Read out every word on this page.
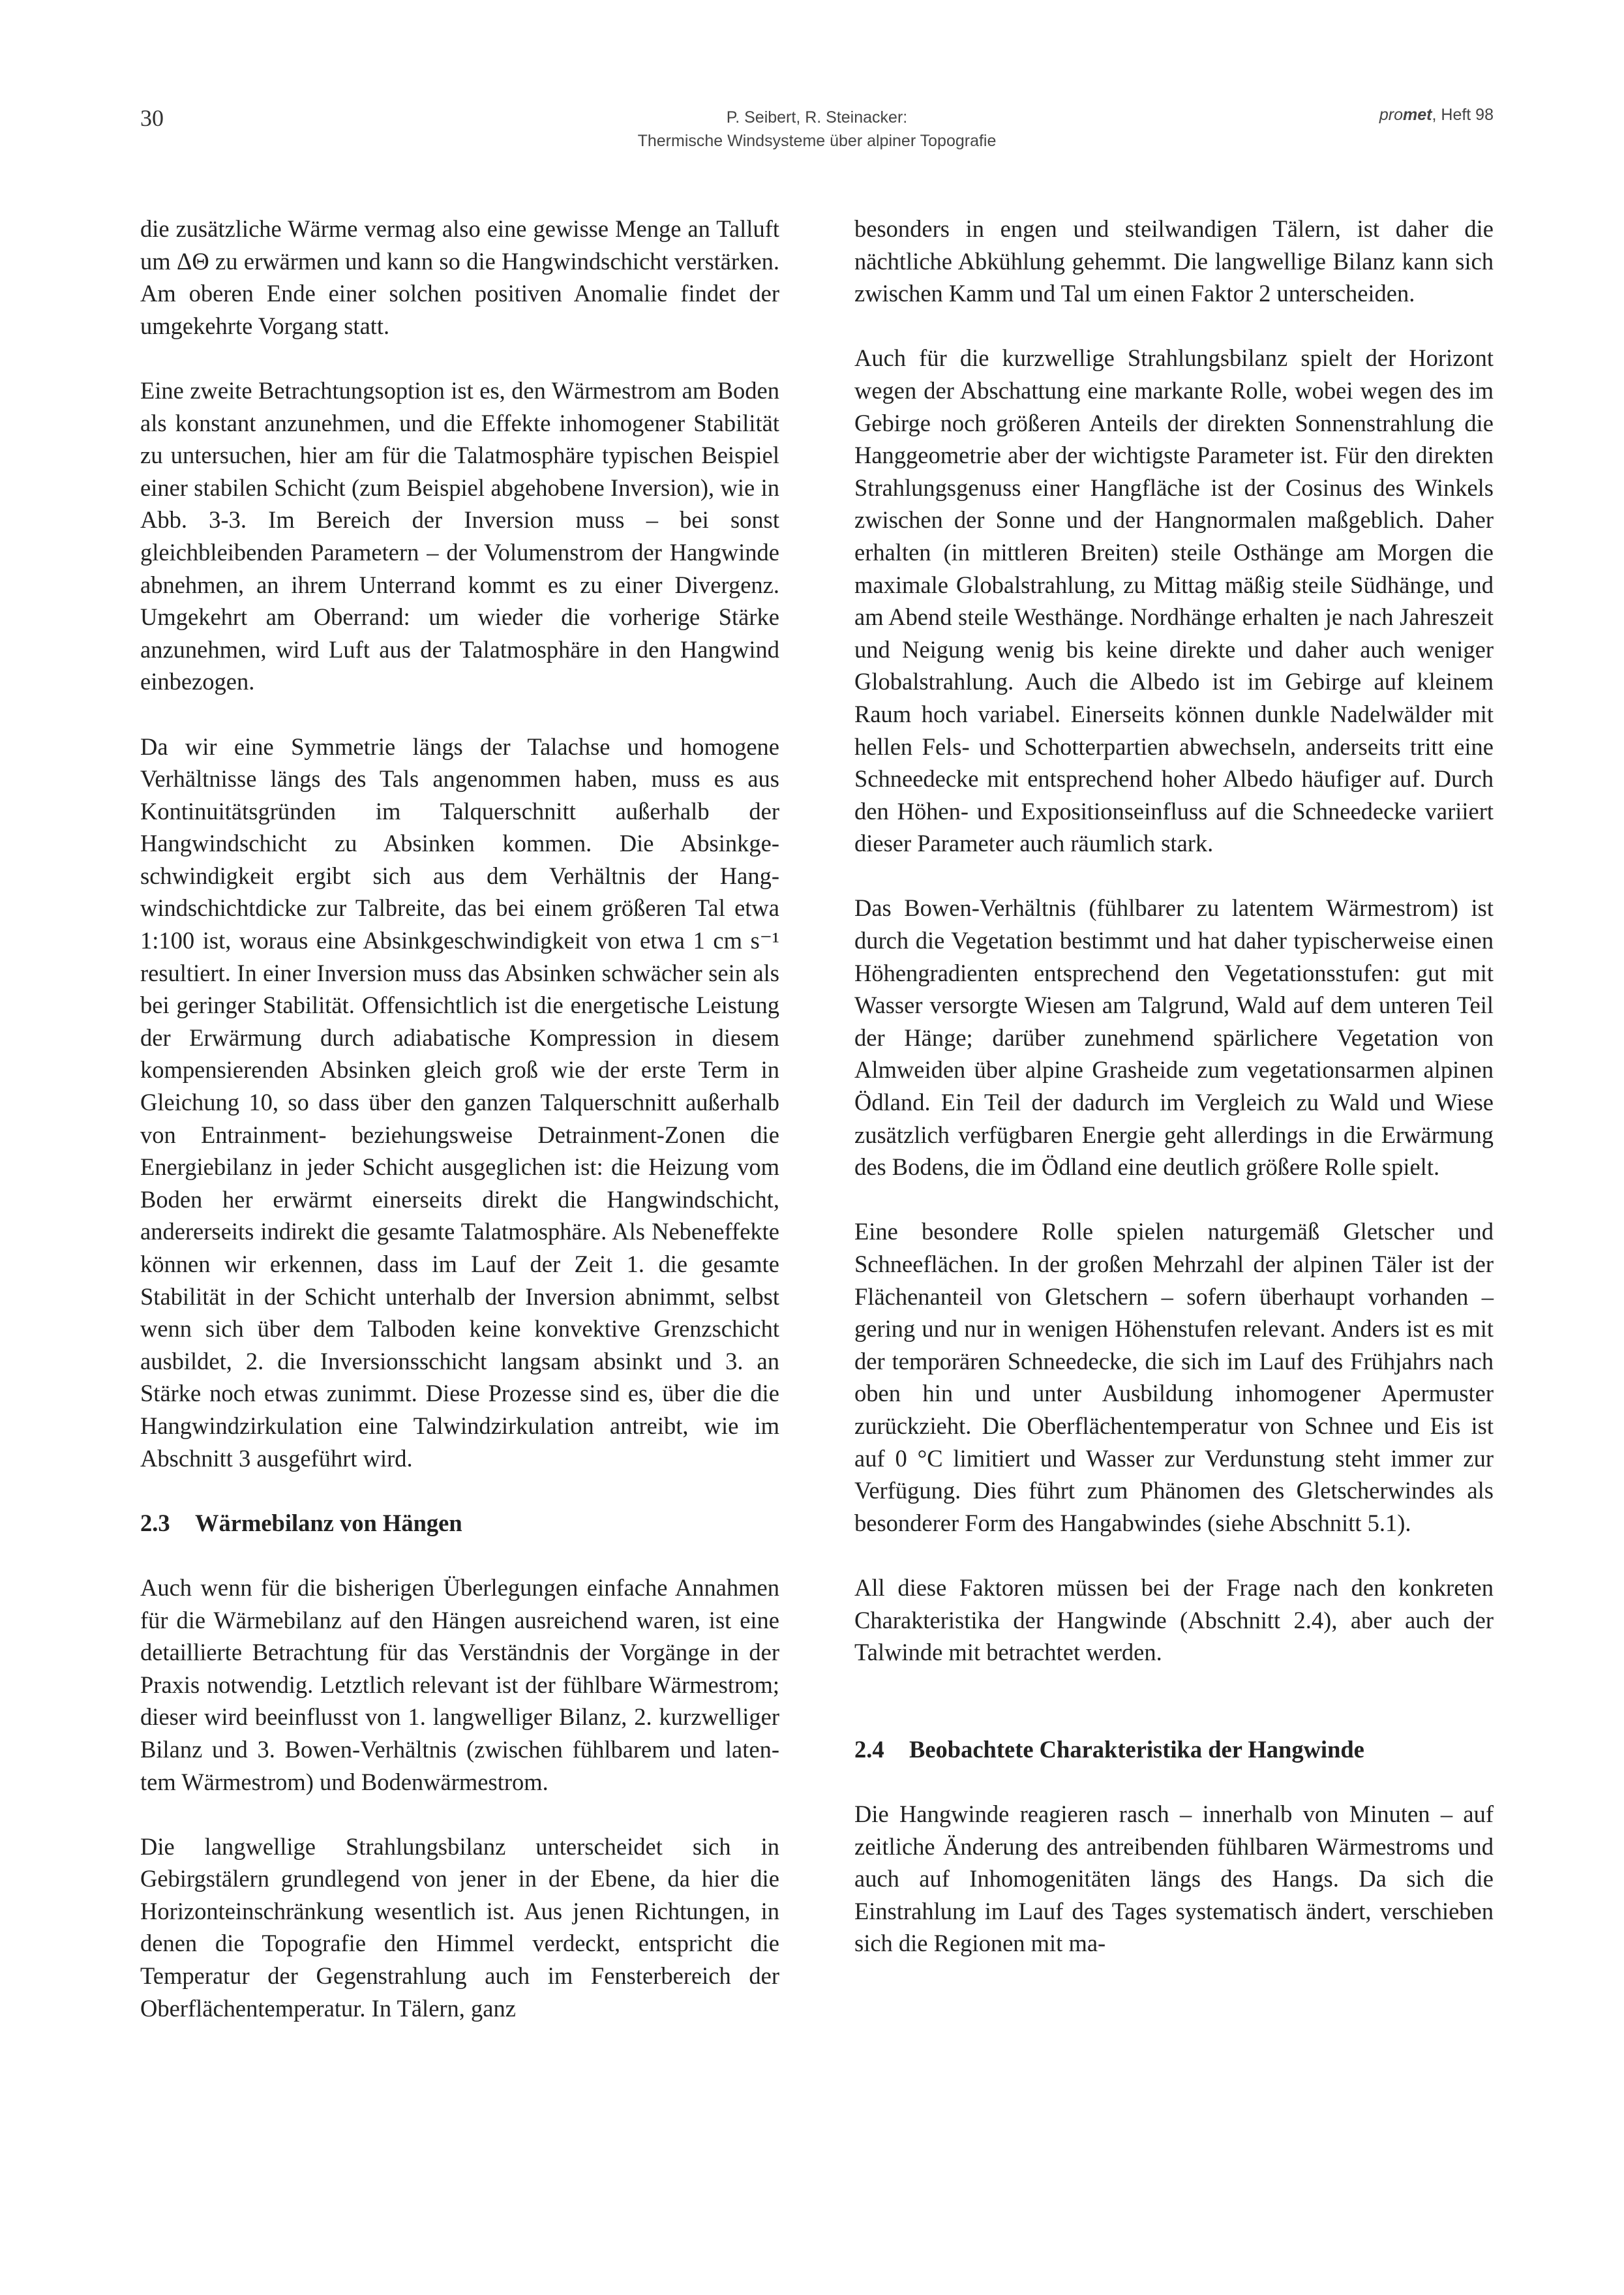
30	P. Seibert, R. Steinacker:
Thermische Windsysteme über alpiner Topografie
promet, Heft 98

die zusätzliche Wärme vermag also eine gewisse Menge an Talluft um ΔΘ zu erwärmen und kann so die Hangwindschicht verstärken. Am oberen Ende einer solchen positiven Anomalie findet der umgekehrte Vorgang statt.

Eine zweite Betrachtungsoption ist es, den Wärmestrom am Boden als konstant anzunehmen, und die Effekte inhomogener Stabilität zu untersuchen, hier am für die Talatmosphäre typischen Beispiel einer stabilen Schicht (zum Beispiel abgehobene Inversion), wie in Abb. 3-3. Im Bereich der Inversion muss – bei sonst gleichbleibenden Parametern – der Volumenstrom der Hangwinde abnehmen, an ihrem Unterrand kommt es zu einer Divergenz. Umgekehrt am Oberrand: um wieder die vorherige Stärke anzunehmen, wird Luft aus der Talatmosphäre in den Hangwind einbezogen.

Da wir eine Symmetrie längs der Talachse und homogene Verhältnisse längs des Tals angenommen haben, muss es aus Kontinuitätsgründen im Talquerschnitt außerhalb der Hangwindschicht zu Absinken kommen. Die Absinkgeschwindigkeit ergibt sich aus dem Verhältnis der Hangwindschichtdicke zur Talbreite, das bei einem größeren Tal etwa 1:100 ist, woraus eine Absinkgeschwindigkeit von etwa 1 cm s⁻¹ resultiert. In einer Inversion muss das Absinken schwächer sein als bei geringer Stabilität. Offensichtlich ist die energetische Leistung der Erwärmung durch adiabatische Kompression in diesem kompensierenden Absinken gleich groß wie der erste Term in Gleichung 10, so dass über den ganzen Talquerschnitt außerhalb von Entrainment- beziehungsweise Detrainment-Zonen die Energiebilanz in jeder Schicht ausgeglichen ist: die Heizung vom Boden her erwärmt einerseits direkt die Hangwindschicht, andererseits indirekt die gesamte Talatmosphäre. Als Nebeneffekte können wir erkennen, dass im Lauf der Zeit 1. die gesamte Stabilität in der Schicht unterhalb der Inversion abnimmt, selbst wenn sich über dem Talboden keine konvektive Grenzschicht ausbildet, 2. die Inversionsschicht langsam absinkt und 3. an Stärke noch etwas zunimmt. Diese Prozesse sind es, über die die Hangwindzirkulation eine Talwindzirkulation antreibt, wie im Abschnitt 3 ausgeführt wird.

2.3 Wärmebilanz von Hängen

Auch wenn für die bisherigen Überlegungen einfache Annahmen für die Wärmebilanz auf den Hängen ausreichend waren, ist eine detaillierte Betrachtung für das Verständnis der Vorgänge in der Praxis notwendig. Letztlich relevant ist der fühlbare Wärmestrom; dieser wird beeinflusst von 1. langwelliger Bilanz, 2. kurzwelliger Bilanz und 3. Bowen-Verhältnis (zwischen fühlbarem und latentem Wärmestrom) und Bodenwärmestrom.

Die langwellige Strahlungsbilanz unterscheidet sich in Gebirgstälern grundlegend von jener in der Ebene, da hier die Horizonteinschränkung wesentlich ist. Aus jenen Richtungen, in denen die Topografie den Himmel verdeckt, entspricht die Temperatur der Gegenstrahlung auch im Fensterbereich der Oberflächentemperatur. In Tälern, ganz

besonders in engen und steilwandigen Tälern, ist daher die nächtliche Abkühlung gehemmt. Die langwellige Bilanz kann sich zwischen Kamm und Tal um einen Faktor 2 unterscheiden.

Auch für die kurzwellige Strahlungsbilanz spielt der Horizont wegen der Abschattung eine markante Rolle, wobei wegen des im Gebirge noch größeren Anteils der direkten Sonnenstrahlung die Hanggeometrie aber der wichtigste Parameter ist. Für den direkten Strahlungsgenuss einer Hangfläche ist der Cosinus des Winkels zwischen der Sonne und der Hangnormalen maßgeblich. Daher erhalten (in mittleren Breiten) steile Osthänge am Morgen die maximale Globalstrahlung, zu Mittag mäßig steile Südhänge, und am Abend steile Westhänge. Nordhänge erhalten je nach Jahreszeit und Neigung wenig bis keine direkte und daher auch weniger Globalstrahlung. Auch die Albedo ist im Gebirge auf kleinem Raum hoch variabel. Einerseits können dunkle Nadelwälder mit hellen Fels- und Schotterpartien abwechseln, anderseits tritt eine Schneedecke mit entsprechend hoher Albedo häufiger auf. Durch den Höhen- und Expositionseinfluss auf die Schneedecke variiert dieser Parameter auch räumlich stark.

Das Bowen-Verhältnis (fühlbarer zu latentem Wärmestrom) ist durch die Vegetation bestimmt und hat daher typischerweise einen Höhengradienten entsprechend den Vegetationsstufen: gut mit Wasser versorgte Wiesen am Talgrund, Wald auf dem unteren Teil der Hänge; darüber zunehmend spärlichere Vegetation von Almweiden über alpine Grasheide zum vegetationsarmen alpinen Ödland. Ein Teil der dadurch im Vergleich zu Wald und Wiese zusätzlich verfügbaren Energie geht allerdings in die Erwärmung des Bodens, die im Ödland eine deutlich größere Rolle spielt.

Eine besondere Rolle spielen naturgemäß Gletscher und Schneeflächen. In der großen Mehrzahl der alpinen Täler ist der Flächenanteil von Gletschern – sofern überhaupt vorhanden – gering und nur in wenigen Höhenstufen relevant. Anders ist es mit der temporären Schneedecke, die sich im Lauf des Frühjahrs nach oben hin und unter Ausbildung inhomogener Apermuster zurückzieht. Die Oberflächentemperatur von Schnee und Eis ist auf 0 °C limitiert und Wasser zur Verdunstung steht immer zur Verfügung. Dies führt zum Phänomen des Gletscherwindes als besonderer Form des Hangabwindes (siehe Abschnitt 5.1).

All diese Faktoren müssen bei der Frage nach den konkreten Charakteristika der Hangwinde (Abschnitt 2.4), aber auch der Talwinde mit betrachtet werden.

2.4 Beobachtete Charakteristika der Hangwinde

Die Hangwinde reagieren rasch – innerhalb von Minuten – auf zeitliche Änderung des antreibenden fühlbaren Wärmestroms und auch auf Inhomogenitäten längs des Hangs. Da sich die Einstrahlung im Lauf des Tages systematisch ändert, verschieben sich die Regionen mit ma-
